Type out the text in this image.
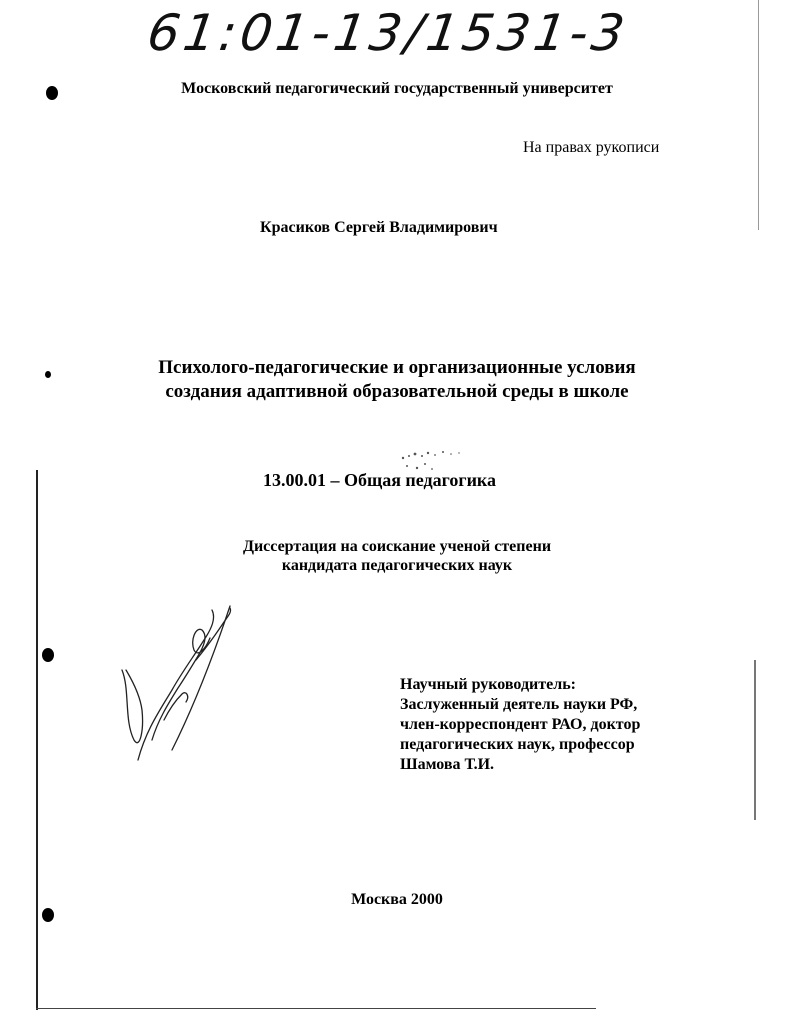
61:01-13/1531-3
Московский педагогический государственный университет
На правах рукописи
Красиков Сергей Владимирович
Психолого-педагогические и организационные условия
создания адаптивной образовательной среды в школе
13.00.01 – Общая педагогика
Диссертация на соискание ученой степени
кандидата педагогических наук
Научный руководитель:
Заслуженный деятель науки РФ,
член-корреспондент РАО, доктор
педагогических наук, профессор
Шамова Т.И.
Москва 2000
